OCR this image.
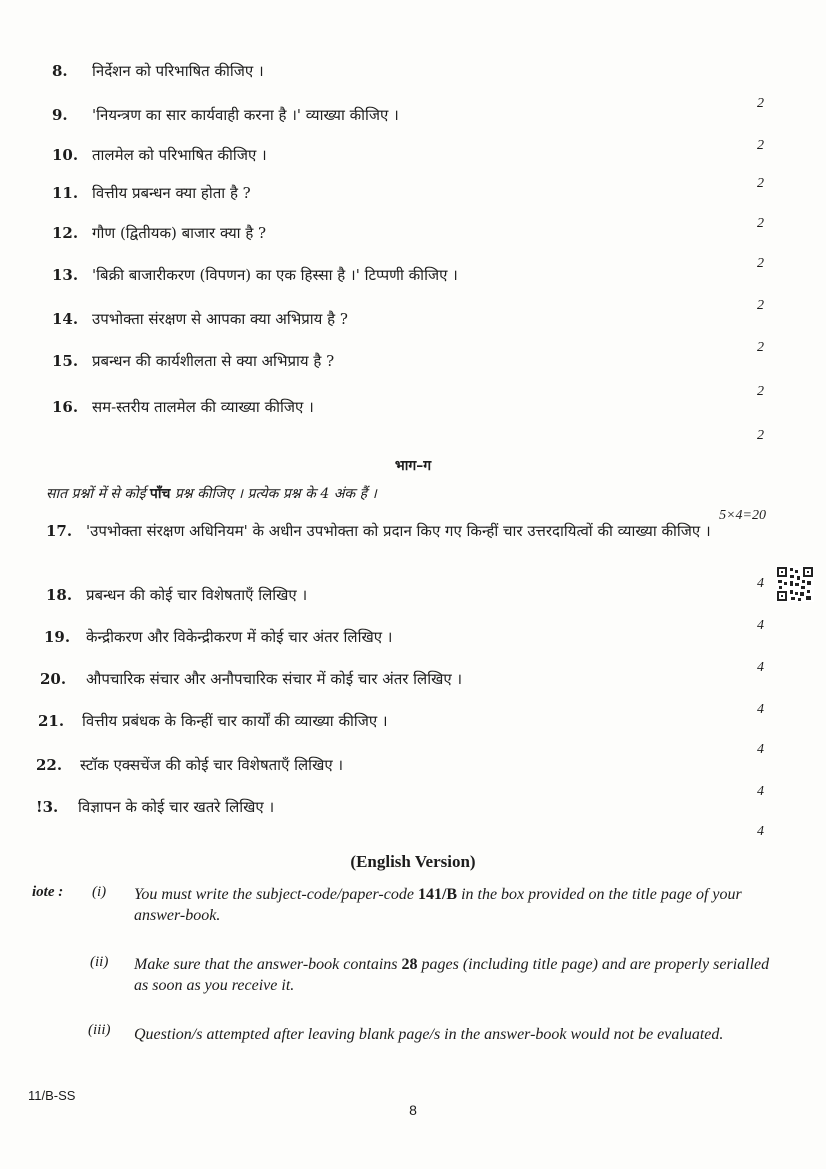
8. निर्देशन को परिभाषित कीजिए ।
2
9. 'नियन्त्रण का सार कार्यवाही करना है ।' व्याख्या कीजिए ।
2
10. तालमेल को परिभाषित कीजिए ।
2
11. वित्तीय प्रबन्धन क्या होता है ?
2
12. गौण (द्वितीयक) बाजार क्या है ?
2
13. 'बिक्री बाजारीकरण (विपणन) का एक हिस्सा है ।' टिप्पणी कीजिए ।
2
14. उपभोक्ता संरक्षण से आपका क्या अभिप्राय है ?
2
15. प्रबन्धन की कार्यशीलता से क्या अभिप्राय है ?
2
16. सम-स्तरीय तालमेल की व्याख्या कीजिए ।
2
भाग–ग
सात प्रश्नों में से कोई पाँच प्रश्न कीजिए । प्रत्येक प्रश्न के 4 अंक हैं ।
5×4=20
17. 'उपभोक्ता संरक्षण अधिनियम' के अधीन उपभोक्ता को प्रदान किए गए किन्हीं चार उत्तरदायित्वों की व्याख्या कीजिए ।
4
18. प्रबन्धन की कोई चार विशेषताएँ लिखिए ।
4
19. केन्द्रीकरण और विकेन्द्रीकरण में कोई चार अंतर लिखिए ।
4
20. औपचारिक संचार और अनौपचारिक संचार में कोई चार अंतर लिखिए ।
4
21. वित्तीय प्रबंधक के किन्हीं चार कार्यों की व्याख्या कीजिए ।
4
22. स्टॉक एक्सचेंज की कोई चार विशेषताएँ लिखिए ।
4
!3. विज्ञापन के कोई चार खतरे लिखिए ।
4
(English Version)
iote : (i) You must write the subject-code/paper-code 141/B in the box provided on the title page of your answer-book.
(ii) Make sure that the answer-book contains 28 pages (including title page) and are properly serialled as soon as you receive it.
(iii) Question/s attempted after leaving blank page/s in the answer-book would not be evaluated.
11/B-SS
8
